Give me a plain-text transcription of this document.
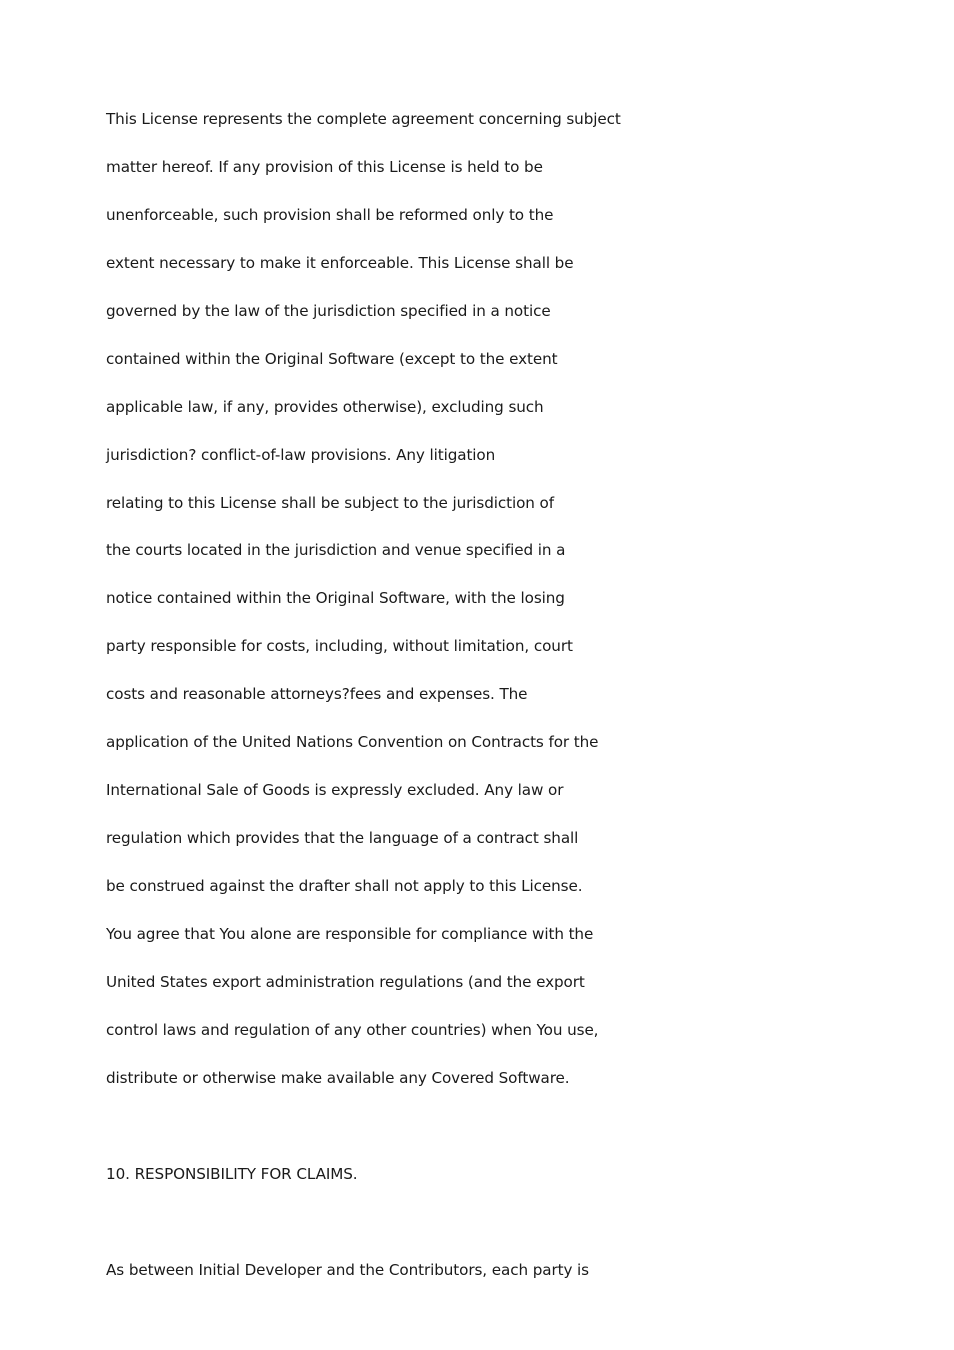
This License represents the complete agreement concerning subject
matter hereof. If any provision of this License is held to be
unenforceable, such provision shall be reformed only to the
extent necessary to make it enforceable. This License shall be
governed by the law of the jurisdiction specified in a notice
contained within the Original Software (except to the extent
applicable law, if any, provides otherwise), excluding such
jurisdiction? conflict-of-law provisions. Any litigation
relating to this License shall be subject to the jurisdiction of
the courts located in the jurisdiction and venue specified in a
notice contained within the Original Software, with the losing
party responsible for costs, including, without limitation, court
costs and reasonable attorneys?fees and expenses. The
application of the United Nations Convention on Contracts for the
International Sale of Goods is expressly excluded. Any law or
regulation which provides that the language of a contract shall
be construed against the drafter shall not apply to this License.
You agree that You alone are responsible for compliance with the
United States export administration regulations (and the export
control laws and regulation of any other countries) when You use,
distribute or otherwise make available any Covered Software.
10. RESPONSIBILITY FOR CLAIMS.
As between Initial Developer and the Contributors, each party is
